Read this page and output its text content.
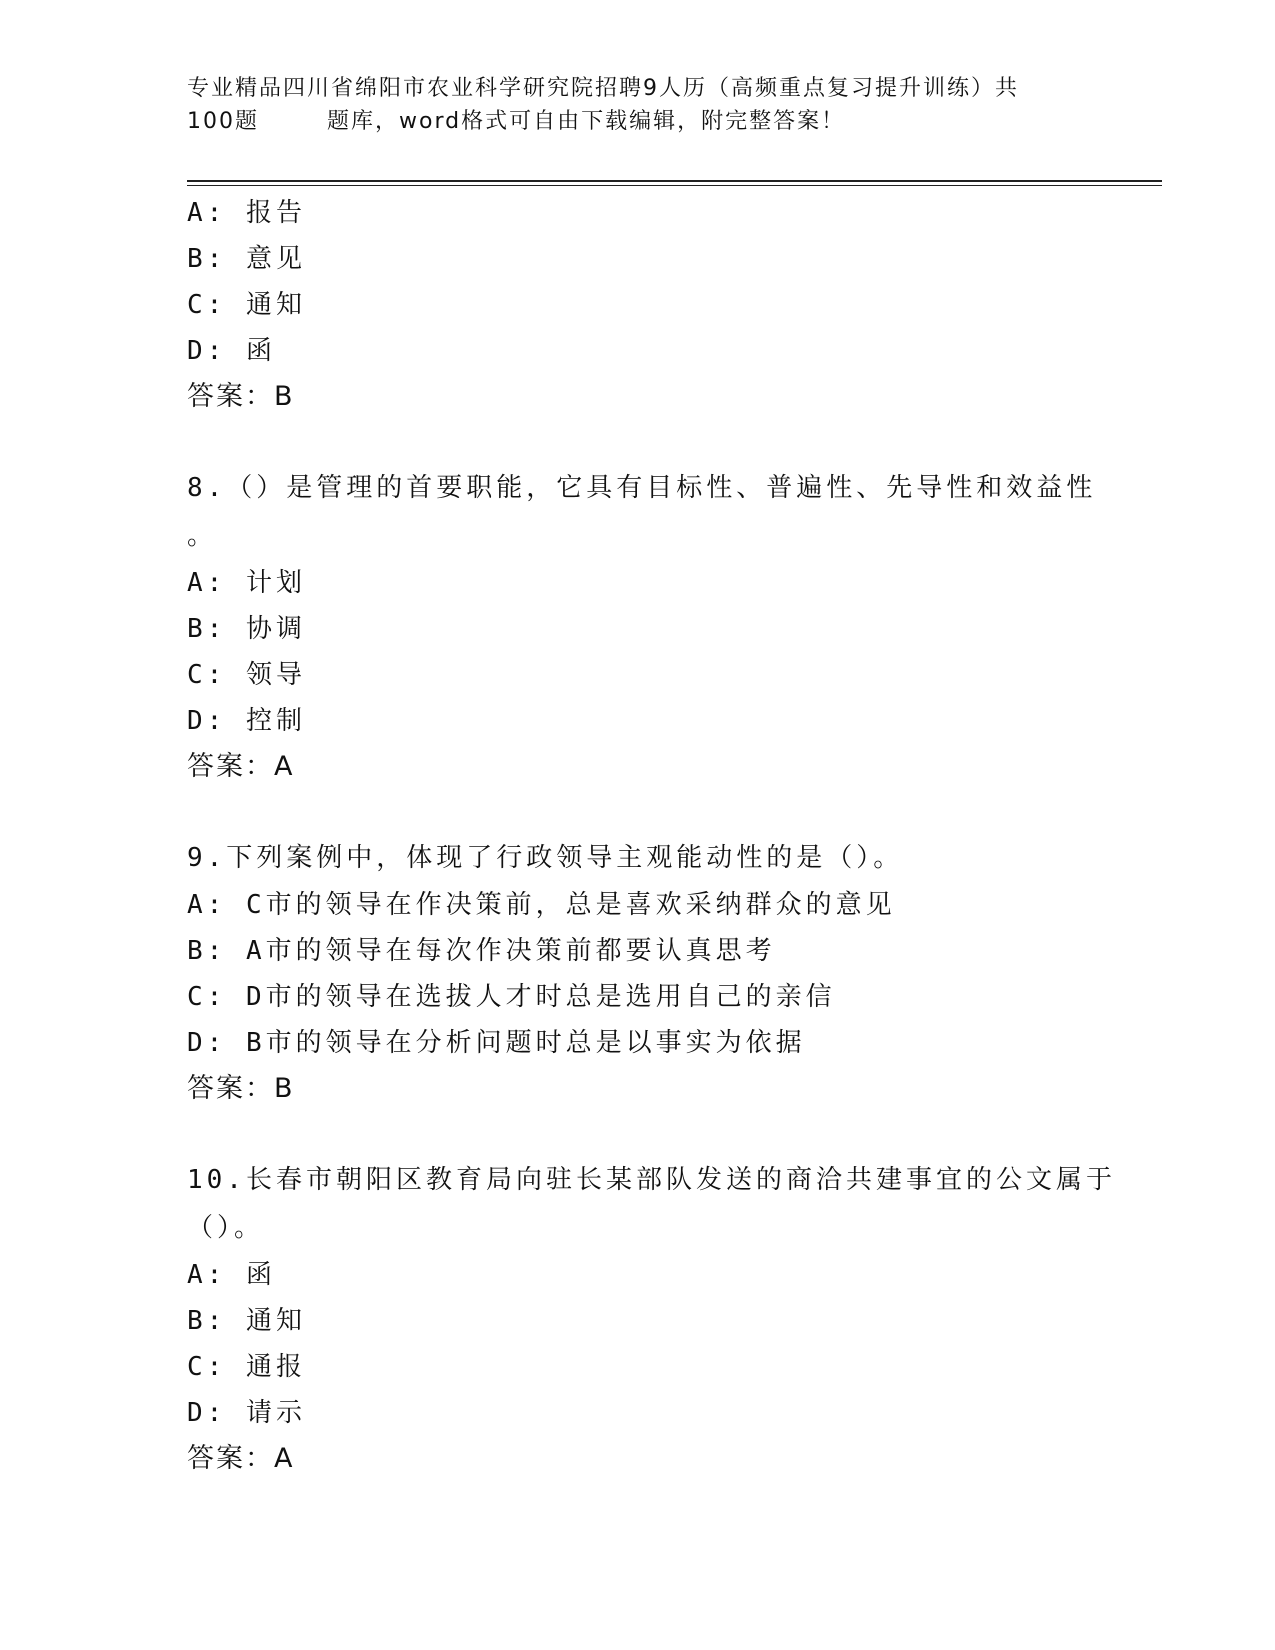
专业精品四川省绵阳市农业科学研究院招聘9人历（高频重点复习提升训练）共
100题	题库，word格式可自由下载编辑，附完整答案！
A: 报告
B: 意见
C: 通知
D: 函
答案：B
8.（）是管理的首要职能，它具有目标性、普遍性、先导性和效益性
。
A: 计划
B: 协调
C: 领导
D: 控制
答案：A
9.下列案例中，体现了行政领导主观能动性的是（）。
A: C市的领导在作决策前，总是喜欢采纳群众的意见
B: A市的领导在每次作决策前都要认真思考
C: D市的领导在选拔人才时总是选用自己的亲信
D: B市的领导在分析问题时总是以事实为依据
答案：B
10.长春市朝阳区教育局向驻长某部队发送的商洽共建事宜的公文属于
（）。
A: 函
B: 通知
C: 通报
D: 请示
答案：A
